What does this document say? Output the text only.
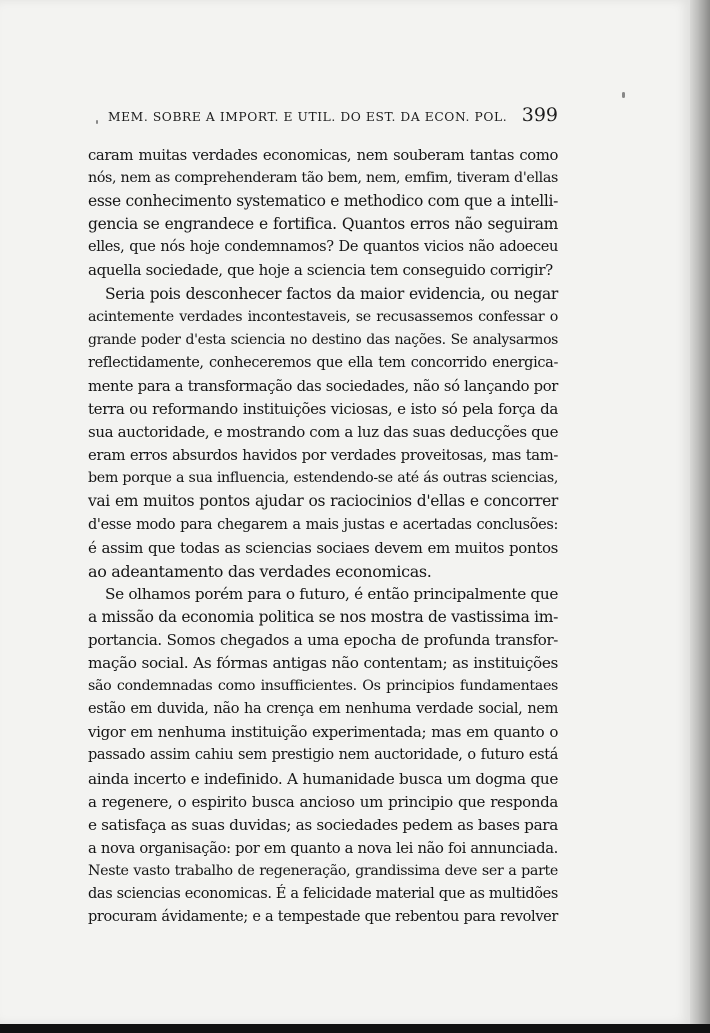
MEM. SOBRE A IMPORT. E UTIL. DO EST. DA ECON. POL. 399
caram muitas verdades economicas, nem souberam tantas como
nós, nem as comprehenderam tão bem, nem, emfim, tiveram d'ellas
esse conhecimento systematico e methodico com que a intelli-
gencia se engrandece e fortifica. Quantos erros não seguiram
elles, que nós hoje condemnamos? De quantos vicios não adoeceu
aquella sociedade, que hoje a sciencia tem conseguido corrigir?
Seria pois desconhecer factos da maior evidencia, ou negar
acintemente verdades incontestaveis, se recusassemos confessar o
grande poder d'esta sciencia no destino das nações. Se analysarmos
reflectidamente, conheceremos que ella tem concorrido energica-
mente para a transformação das sociedades, não só lançando por
terra ou reformando instituições viciosas, e isto só pela força da
sua auctoridade, e mostrando com a luz das suas deducções que
eram erros absurdos havidos por verdades proveitosas, mas tam-
bem porque a sua influencia, estendendo-se até ás outras sciencias,
vai em muitos pontos ajudar os raciocinios d'ellas e concorrer
d'esse modo para chegarem a mais justas e acertadas conclusões:
é assim que todas as sciencias sociaes devem em muitos pontos
ao adeantamento das verdades economicas.
Se olhamos porém para o futuro, é então principalmente que
a missão da economia politica se nos mostra de vastissima im-
portancia. Somos chegados a uma epocha de profunda transfor-
mação social. As fórmas antigas não contentam; as instituições
são condemnadas como insufficientes. Os principios fundamentaes
estão em duvida, não ha crença em nenhuma verdade social, nem
vigor em nenhuma instituição experimentada; mas em quanto o
passado assim cahiu sem prestigio nem auctoridade, o futuro está
ainda incerto e indefinido. A humanidade busca um dogma que
a regenere, o espirito busca ancioso um principio que responda
e satisfaça as suas duvidas; as sociedades pedem as bases para
a nova organisação: por em quanto a nova lei não foi annunciada.
Neste vasto trabalho de regeneração, grandissima deve ser a parte
das sciencias economicas. É a felicidade material que as multidões
procuram ávidamente; e a tempestade que rebentou para revolver
